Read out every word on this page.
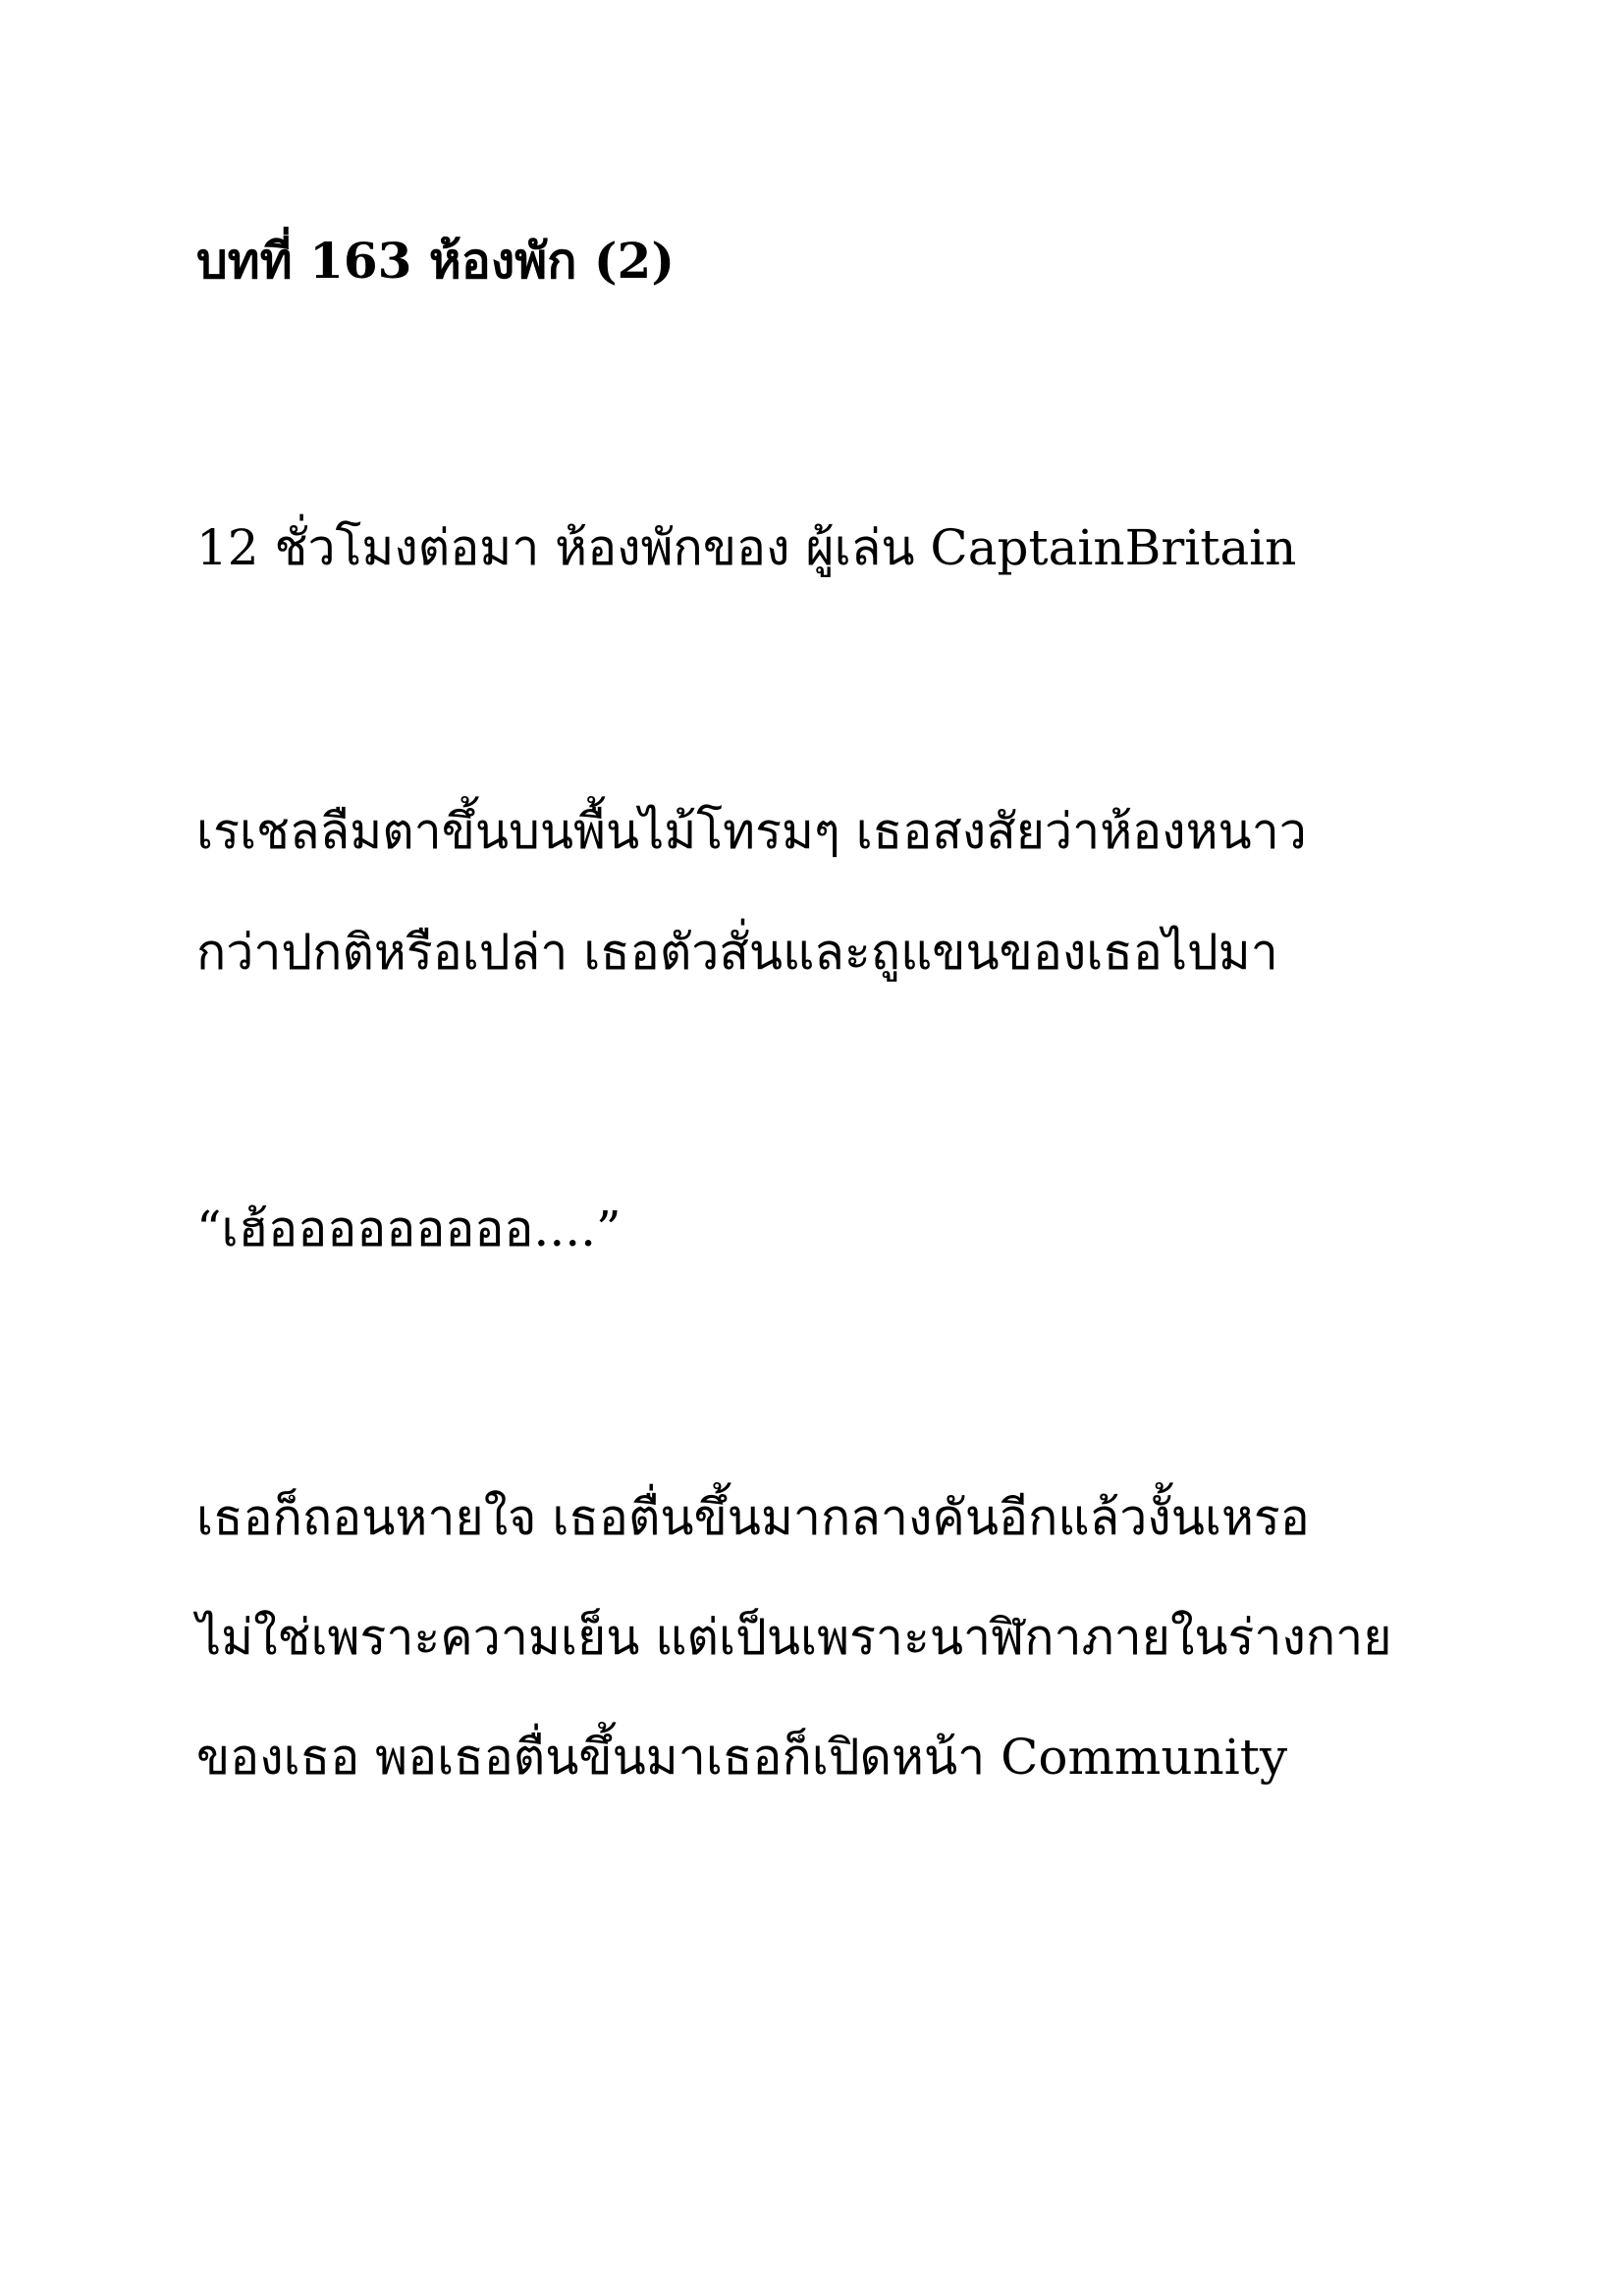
บทที่ 163 ห้องพัก (2)

12 ชั่วโมงต่อมา ห้องพักของ ผู้เล่น CaptainBritain

เรเชลลืมตาขึ้นบนพื้นไม้โทรมๆ เธอสงสัยว่าห้องหนาว

กว่าปกติหรือเปล่า เธอตัวสั่นและถูแขนของเธอไปมา

“เฮ้อออออออออ....”

เธอก็ถอนหายใจ เธอตื่นขึ้นมากลางคันอีกแล้วงั้นเหรอ

ไม่ใช่เพราะความเย็น แต่เป็นเพราะนาฬิกาภายในร่างกาย

ของเธอ พอเธอตื่นขึ้นมาเธอก็เปิดหน้า Community
